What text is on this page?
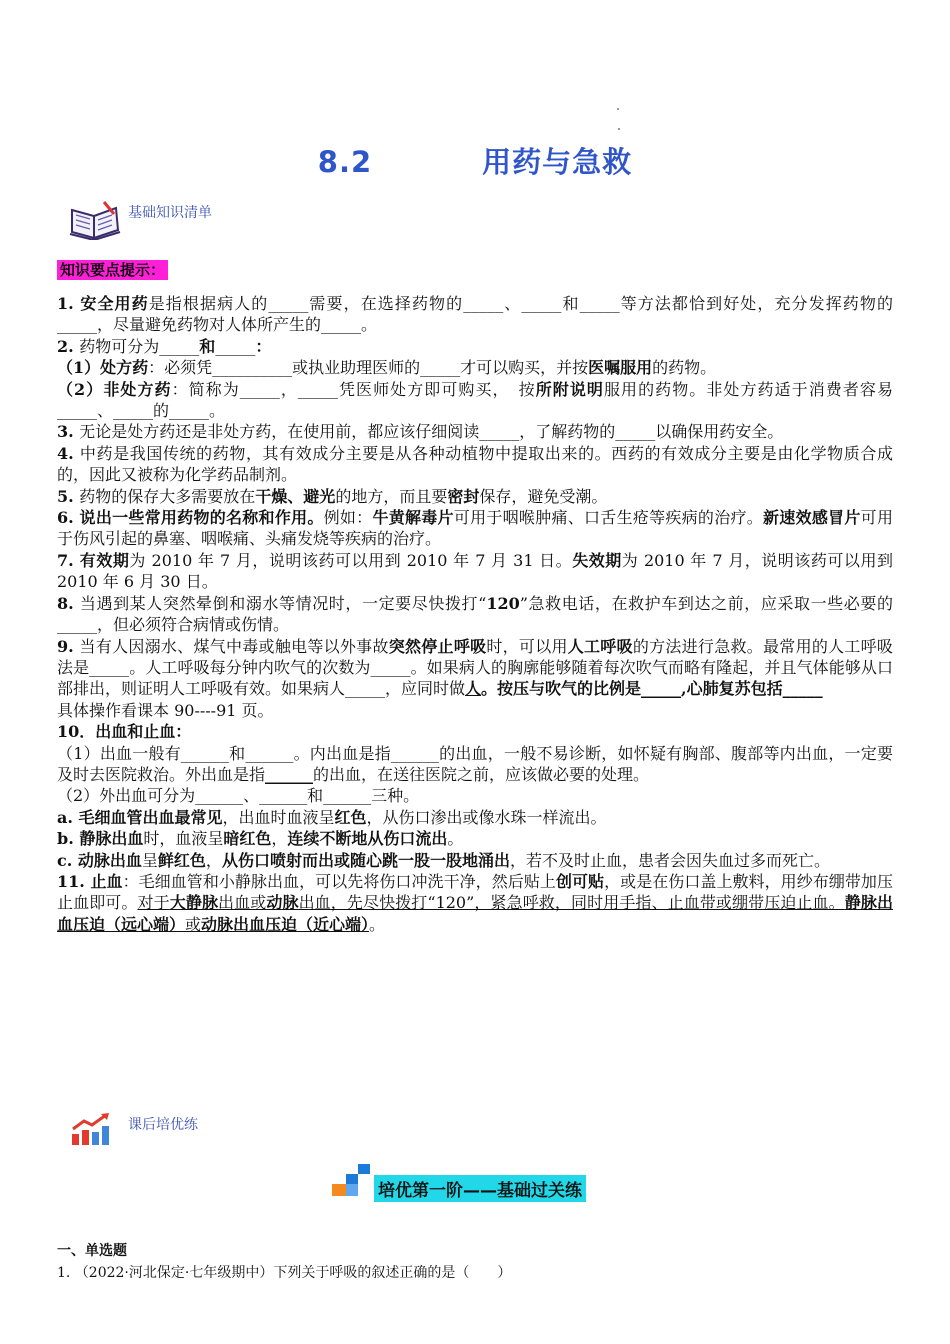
8.2	用药与急救
基础知识清单
知识要点提示：

1. 安全用药是指根据病人的_____需要，在选择药物的_____、_____和_____等方法都恰到好处，充分发挥药物的_____，尽量避免药物对人体所产生的_____。

2. 药物可分为_____和_____：

（1）处方药：必须凭__________或执业助理医师的_____才可以购买，并按医嘱服用的药物。

（2）非处方药：简称为_____，_____凭医师处方即可购买，　按所附说明服用的药物。非处方药适于消费者容易_____、_____的_____。

3. 无论是处方药还是非处方药，在使用前，都应该仔细阅读_____，了解药物的_____以确保用药安全。

4. 中药是我国传统的药物，其有效成分主要是从各种动植物中提取出来的。西药的有效成分主要是由化学物质合成的，因此又被称为化学药品制剂。

5. 药物的保存大多需要放在干燥、避光的地方，而且要密封保存，避免受潮。

6. 说出一些常用药物的名称和作用。例如：牛黄解毒片可用于咽喉肿痛、口舌生疮等疾病的治疗。新速效感冒片可用于伤风引起的鼻塞、咽喉痛、头痛发烧等疾病的治疗。

7. 有效期为 2010 年 7 月，说明该药可以用到 2010 年 7 月 31 日。失效期为 2010 年 7 月，说明该药可以用到 2010 年 6 月 30 日。

8. 当遇到某人突然晕倒和溺水等情况时，一定要尽快拨打“120”急救电话，在救护车到达之前，应采取一些必要的_____，但必须符合病情或伤情。

9. 当有人因溺水、煤气中毒或触电等以外事故突然停止呼吸时，可以用人工呼吸的方法进行急救。最常用的人工呼吸法是_____。人工呼吸每分钟内吹气的次数为_____。如果病人的胸廓能够随着每次吹气而略有隆起，并且气体能够从口部排出，则证明人工呼吸有效。如果病人_____，应同时做人。按压与吹气的比例是_____,心肺复苏包括_____

具体操作看课本 90----91 页。

10．出血和止血：

（1）出血一般有______和______。内出血是指______的出血，一般不易诊断，如怀疑有胸部、腹部等内出血，一定要及时去医院救治。外出血是指______的出血，在送往医院之前，应该做必要的处理。

（2）外出血可分为______、______和______三种。

a. 毛细血管出血最常见，出血时血液呈红色，从伤口渗出或像水珠一样流出。

b. 静脉出血时，血液呈暗红色，连续不断地从伤口流出。

c. 动脉出血呈鲜红色，从伤口喷射而出或随心跳一股一股地涌出，若不及时止血，患者会因失血过多而死亡。

11. 止血：毛细血管和小静脉出血，可以先将伤口冲洗干净，然后贴上创可贴，或是在伤口盖上敷料，用纱布绷带加压止血即可。对于大静脉出血或动脉出血，先尽快拨打“120”，紧急呼救，同时用手指、止血带或绷带压迫止血。静脉出血压迫（远心端）或动脉出血压迫（近心端）。

课后培优练
培优第一阶——基础过关练
一、单选题
1. （2022·河北保定·七年级期中）下列关于呼吸的叙述正确的是（　　）
